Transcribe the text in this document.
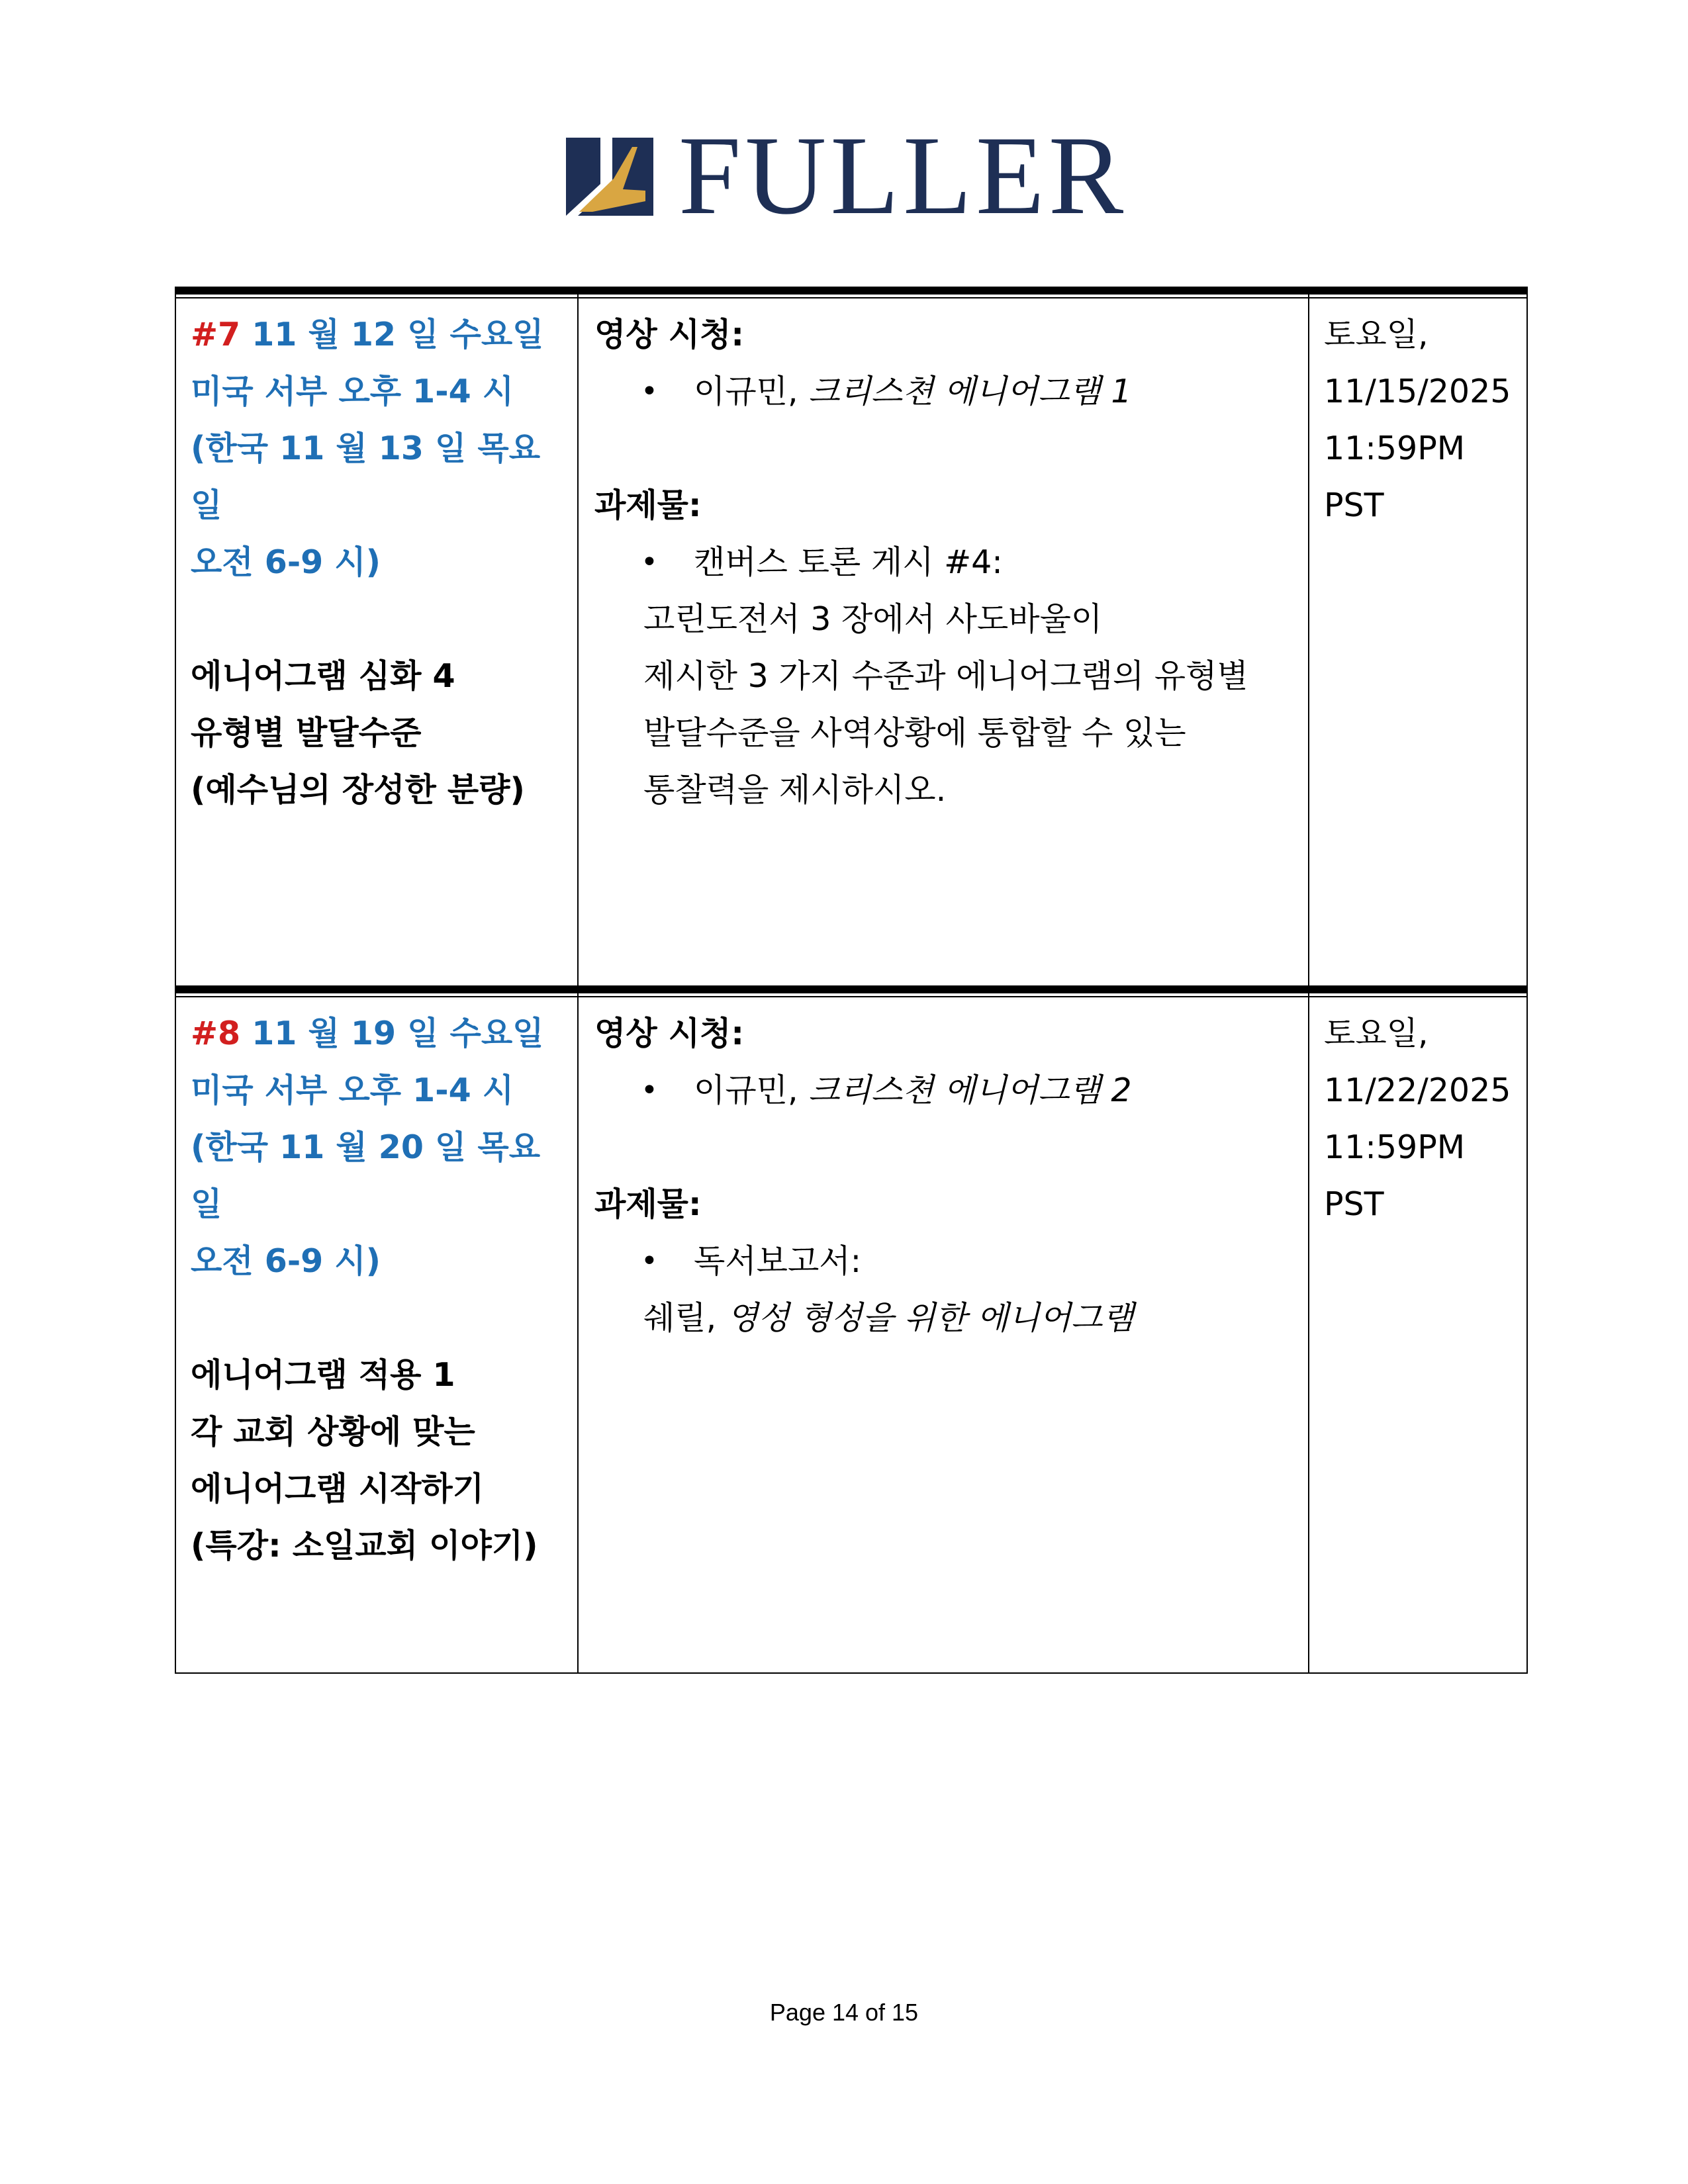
FULLER
#7 11 월 12 일 수요일
미국 서부 오후 1-4 시
(한국 11 월 13 일 목요일
오전 6-9 시)
에니어그램 심화 4
유형별 발달수준
(예수님의 장성한 분량)
영상 시청:
• 이규민, 크리스쳔 에니어그램 1
과제물:
• 캔버스 토론 게시 #4:
고린도전서 3 장에서 사도바울이
제시한 3 가지 수준과 에니어그램의 유형별
발달수준을 사역상황에 통합할 수 있는
통찰력을 제시하시오.
토요일,
11/15/2025
11:59PM
PST
#8 11 월 19 일 수요일
미국 서부 오후 1-4 시
(한국 11 월 20 일 목요일
오전 6-9 시)
에니어그램 적용 1
각 교회 상황에 맞는
에니어그램 시작하기
(특강: 소일교회 이야기)
영상 시청:
• 이규민, 크리스쳔 에니어그램 2
과제물:
• 독서보고서:
쉐릴, 영성 형성을 위한 에니어그램
토요일,
11/22/2025
11:59PM
PST
Page 14 of 15
